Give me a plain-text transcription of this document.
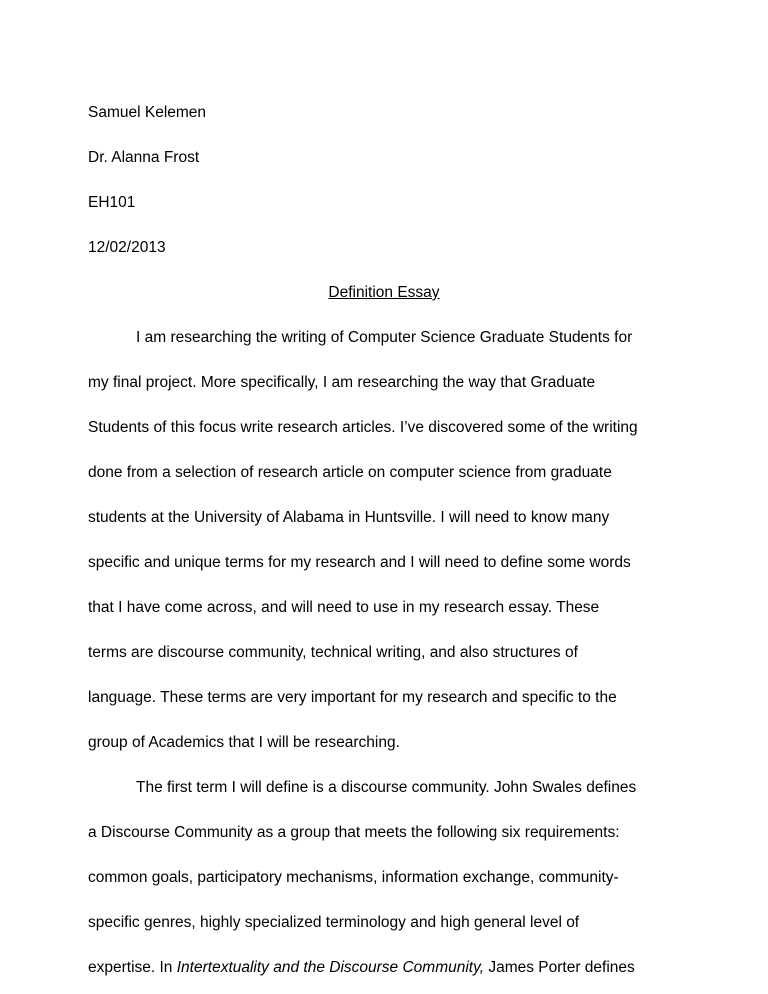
Samuel Kelemen
Dr. Alanna Frost
EH101
12/02/2013
Definition Essay

I am researching the writing of Computer Science Graduate Students for
my final project. More specifically, I am researching the way that Graduate
Students of this focus write research articles. I’ve discovered some of the writing
done from a selection of research article on computer science from graduate
students at the University of Alabama in Huntsville. I will need to know many
specific and unique terms for my research and I will need to define some words
that I have come across, and will need to use in my research essay. These
terms are discourse community, technical writing, and also structures of
language. These terms are very important for my research and specific to the
group of Academics that I will be researching.

The first term I will define is a discourse community. John Swales defines
a Discourse Community as a group that meets the following six requirements:
common goals, participatory mechanisms, information exchange, community-
specific genres, highly specialized terminology and high general level of
expertise. In Intertextuality and the Discourse Community, James Porter defines
